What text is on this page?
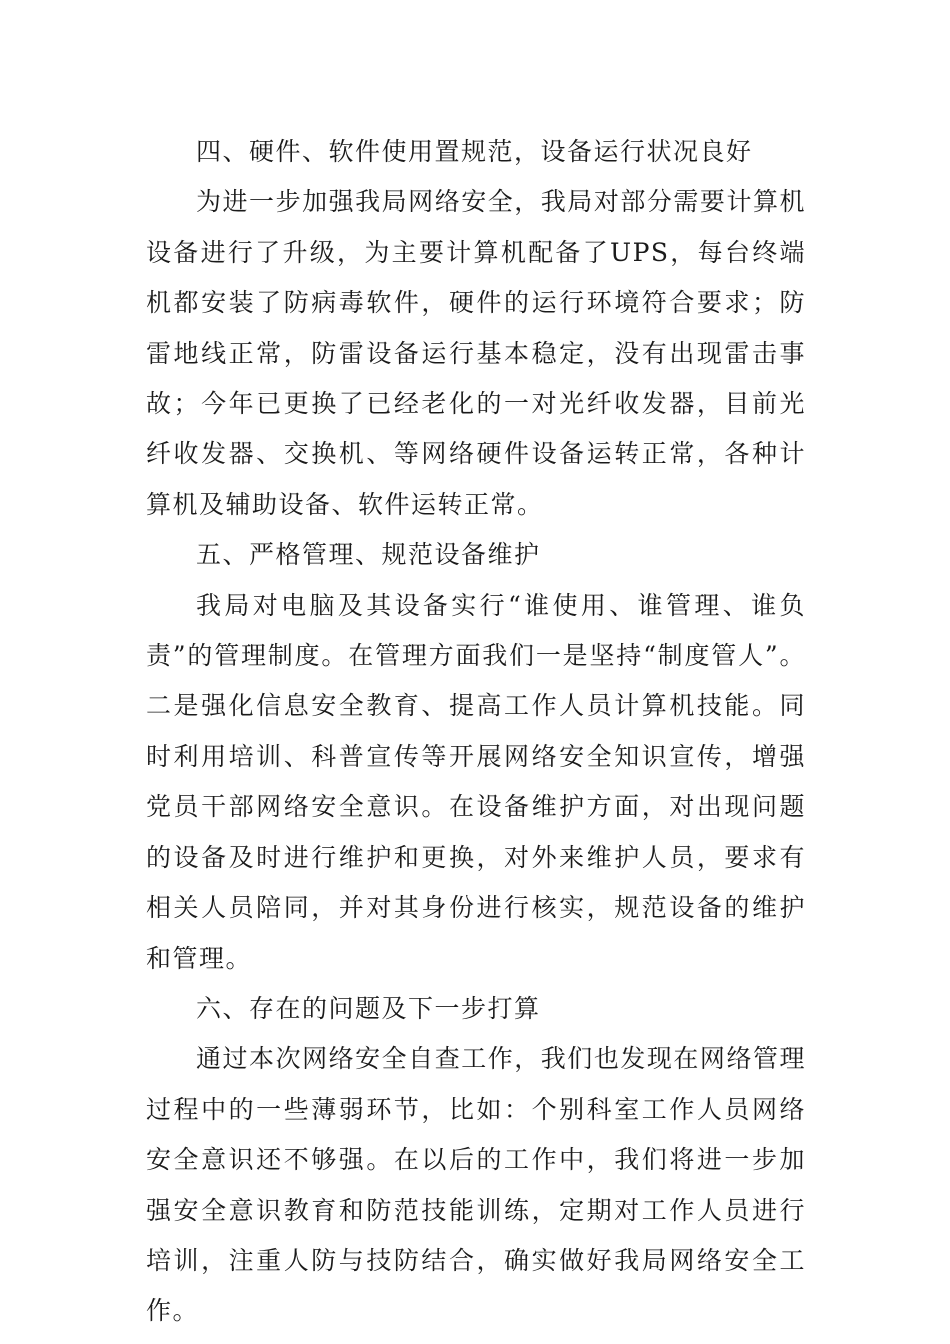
四、硬件、软件使用置规范，设备运行状况良好

为进一步加强我局网络安全，我局对部分需要计算机设备进行了升级，为主要计算机配备了UPS，每台终端机都安装了防病毒软件，硬件的运行环境符合要求；防雷地线正常，防雷设备运行基本稳定，没有出现雷击事故；今年已更换了已经老化的一对光纤收发器，目前光纤收发器、交换机、等网络硬件设备运转正常，各种计算机及辅助设备、软件运转正常。

五、严格管理、规范设备维护

我局对电脑及其设备实行“谁使用、谁管理、谁负责”的管理制度。在管理方面我们一是坚持“制度管人”。二是强化信息安全教育、提高工作人员计算机技能。同时利用培训、科普宣传等开展网络安全知识宣传，增强党员干部网络安全意识。在设备维护方面，对出现问题的设备及时进行维护和更换，对外来维护人员，要求有相关人员陪同，并对其身份进行核实，规范设备的维护和管理。

六、存在的问题及下一步打算

通过本次网络安全自查工作，我们也发现在网络管理过程中的一些薄弱环节，比如：个别科室工作人员网络安全意识还不够强。在以后的工作中，我们将进一步加强安全意识教育和防范技能训练，定期对工作人员进行培训，注重人防与技防结合，确实做好我局网络安全工作。
